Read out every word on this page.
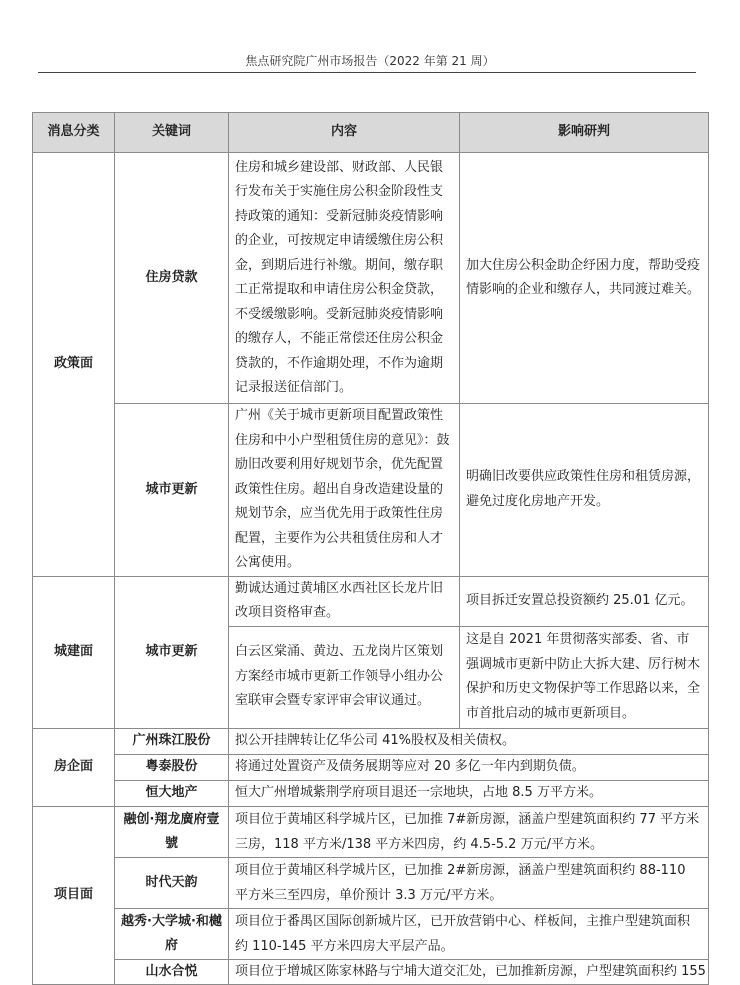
焦点研究院广州市场报告（2022 年第 21 周）
消息分类	关键词	内容	影响研判
政策面	住房贷款	住房和城乡建设部、财政部、人民银行发布关于实施住房公积金阶段性支持政策的通知：受新冠肺炎疫情影响的企业，可按规定申请缓缴住房公积金，到期后进行补缴。期间，缴存职工正常提取和申请住房公积金贷款，不受缓缴影响。受新冠肺炎疫情影响的缴存人，不能正常偿还住房公积金贷款的，不作逾期处理，不作为逾期记录报送征信部门。	加大住房公积金助企纾困力度，帮助受疫情影响的企业和缴存人，共同渡过难关。
	城市更新	广州《关于城市更新项目配置政策性住房和中小户型租赁住房的意见》：鼓励旧改要利用好规划节余，优先配置政策性住房。超出自身改造建设量的规划节余，应当优先用于政策性住房配置，主要作为公共租赁住房和人才公寓使用。	明确旧改要供应政策性住房和租赁房源，避免过度化房地产开发。
城建面	城市更新	勤诚达通过黄埔区水西社区长龙片旧改项目资格审查。	项目拆迁安置总投资额约 25.01 亿元。
		白云区棠涌、黄边、五龙岗片区策划方案经市城市更新工作领导小组办公室联审会暨专家评审会审议通过。	这是自 2021 年贯彻落实部委、省、市强调城市更新中防止大拆大建、厉行树木保护和历史文物保护等工作思路以来，全市首批启动的城市更新项目。
房企面	广州珠江股份	拟公开挂牌转让亿华公司 41%股权及相关债权。	
	粤泰股份	将通过处置资产及债务展期等应对 20 多亿一年内到期负债。	
	恒大地产	恒大广州增城紫荆学府项目退还一宗地块，占地 8.5 万平方米。	
项目面	融创·翔龙廣府壹號	项目位于黄埔区科学城片区，已加推 7#新房源，涵盖户型建筑面积约 77 平方米三房，118 平方米/138 平方米四房，约 4.5-5.2 万元/平方米。	
	时代天韵	项目位于黄埔区科学城片区，已加推 2#新房源，涵盖户型建筑面积约 88-110 平方米三至四房，单价预计 3.3 万元/平方米。	
	越秀·大学城·和樾府	项目位于番禺区国际创新城片区，已开放营销中心、样板间，主推户型建筑面积约 110-145 平方米四房大平层产品。	
	山水合悦	项目位于增城区陈家林路与宁埔大道交汇处，已加推新房源，户型建筑面积约 155	
